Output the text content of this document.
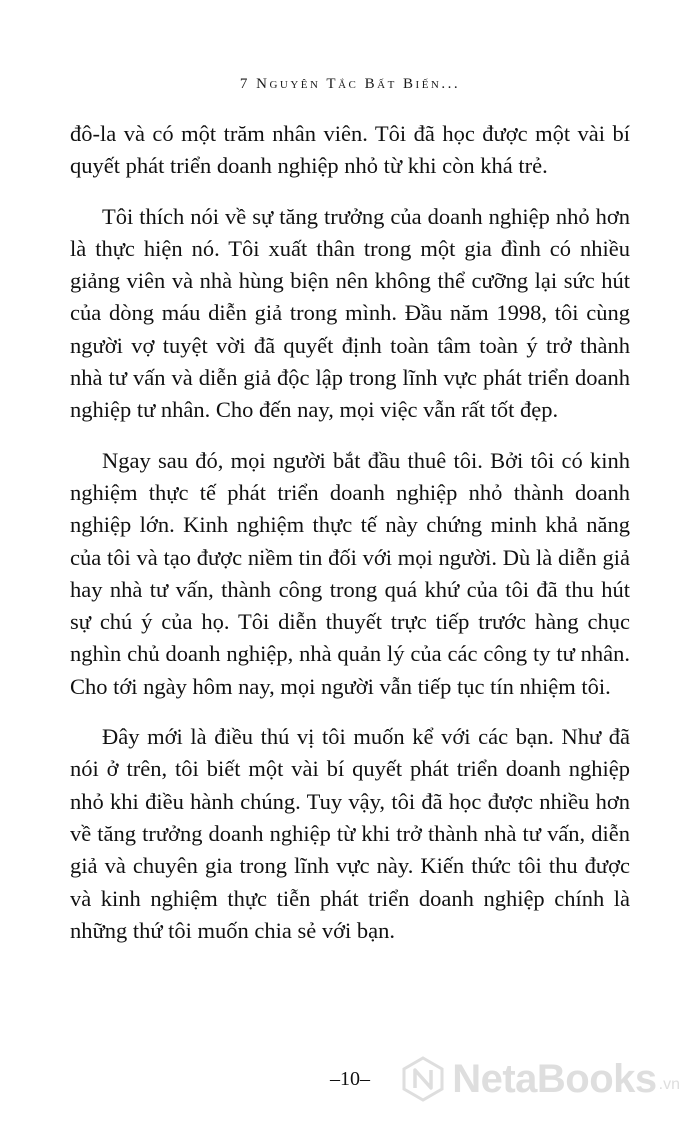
7 Nguyên Tắc Bất Biến...

đô-la và có một trăm nhân viên. Tôi đã học được một vài bí quyết phát triển doanh nghiệp nhỏ từ khi còn khá trẻ.

Tôi thích nói về sự tăng trưởng của doanh nghiệp nhỏ hơn là thực hiện nó. Tôi xuất thân trong một gia đình có nhiều giảng viên và nhà hùng biện nên không thể cưỡng lại sức hút của dòng máu diễn giả trong mình. Đầu năm 1998, tôi cùng người vợ tuyệt vời đã quyết định toàn tâm toàn ý trở thành nhà tư vấn và diễn giả độc lập trong lĩnh vực phát triển doanh nghiệp tư nhân. Cho đến nay, mọi việc vẫn rất tốt đẹp.

Ngay sau đó, mọi người bắt đầu thuê tôi. Bởi tôi có kinh nghiệm thực tế phát triển doanh nghiệp nhỏ thành doanh nghiệp lớn. Kinh nghiệm thực tế này chứng minh khả năng của tôi và tạo được niềm tin đối với mọi người. Dù là diễn giả hay nhà tư vấn, thành công trong quá khứ của tôi đã thu hút sự chú ý của họ. Tôi diễn thuyết trực tiếp trước hàng chục nghìn chủ doanh nghiệp, nhà quản lý của các công ty tư nhân. Cho tới ngày hôm nay, mọi người vẫn tiếp tục tín nhiệm tôi.

Đây mới là điều thú vị tôi muốn kể với các bạn. Như đã nói ở trên, tôi biết một vài bí quyết phát triển doanh nghiệp nhỏ khi điều hành chúng. Tuy vậy, tôi đã học được nhiều hơn về tăng trưởng doanh nghiệp từ khi trở thành nhà tư vấn, diễn giả và chuyên gia trong lĩnh vực này. Kiến thức tôi thu được và kinh nghiệm thực tiễn phát triển doanh nghiệp chính là những thứ tôi muốn chia sẻ với bạn.

–10–	NetaBooks .vn
